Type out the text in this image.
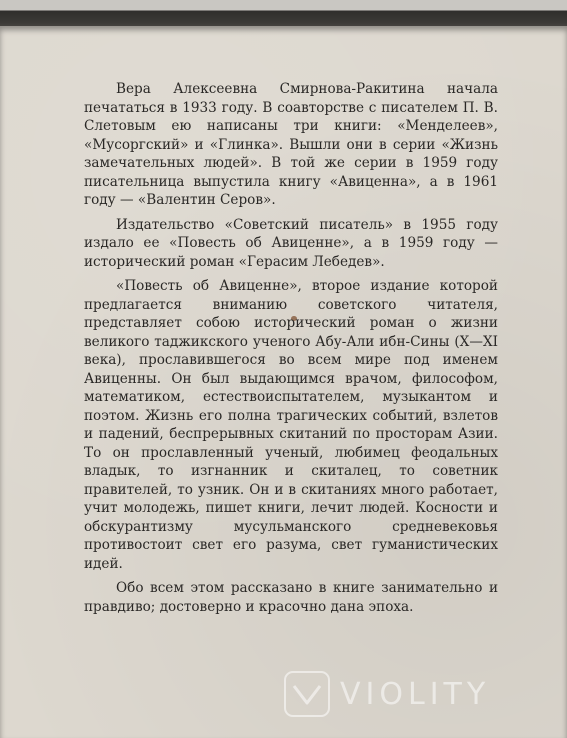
Вера Алексеевна Смирнова-Ракитина начала печататься в 1933 году. В соавторстве с писателем П. В. Слетовым ею написаны три книги: «Менделеев», «Мусоргский» и «Глинка». Вышли они в серии «Жизнь замечательных людей». В той же серии в 1959 году писательница выпустила книгу «Авиценна», а в 1961 году — «Валентин Серов».

Издательство «Советский писатель» в 1955 году издало ее «Повесть об Авиценне», а в 1959 году — исторический роман «Герасим Лебедев».

«Повесть об Авиценне», второе издание которой предлагается вниманию советского читателя, представляет собою исторический роман о жизни великого таджикского ученого Абу-Али ибн-Сины (X—XI века), прославившегося во всем мире под именем Авиценны. Он был выдающимся врачом, философом, математиком, естествоиспытателем, музыкантом и поэтом. Жизнь его полна трагических событий, взлетов и падений, беспрерывных скитаний по просторам Азии. То он прославленный ученый, любимец феодальных владык, то изгнанник и скиталец, то советник правителей, то узник. Он и в скитаниях много работает, учит молодежь, пишет книги, лечит людей. Косности и обскурантизму мусульманского средневековья противостоит свет его разума, свет гуманистических идей.

Обо всем этом рассказано в книге занимательно и правдиво; достоверно и красочно дана эпоха.

VIOLITY
